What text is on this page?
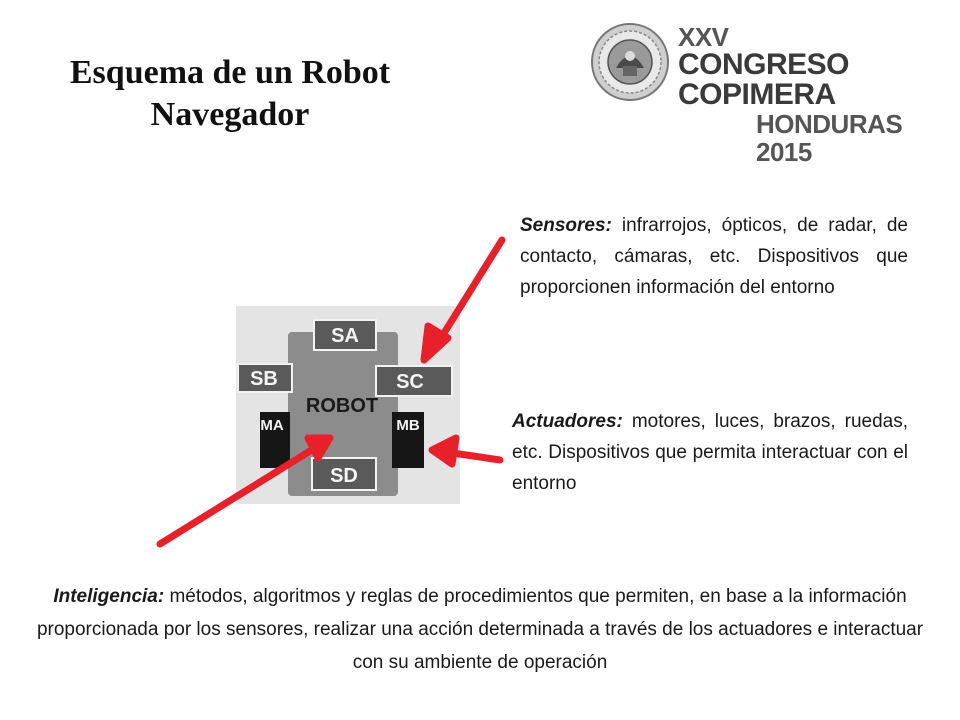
Esquema de un Robot
Navegador
XXV
CONGRESO COPIMERA
HONDURAS 2015
Sensores: infrarrojos, ópticos, de radar, de contacto, cámaras, etc. Dispositivos que proporcionen información del entorno
Actuadores: motores, luces, brazos, ruedas, etc. Dispositivos que permita interactuar con el entorno
Inteligencia: métodos, algoritmos y reglas de procedimientos que permiten, en base a la información proporcionada por los sensores, realizar una acción determinada a través de los actuadores e interactuar con su ambiente de operación
SA
SB	SC
SD
ROBOT
MA	MB
